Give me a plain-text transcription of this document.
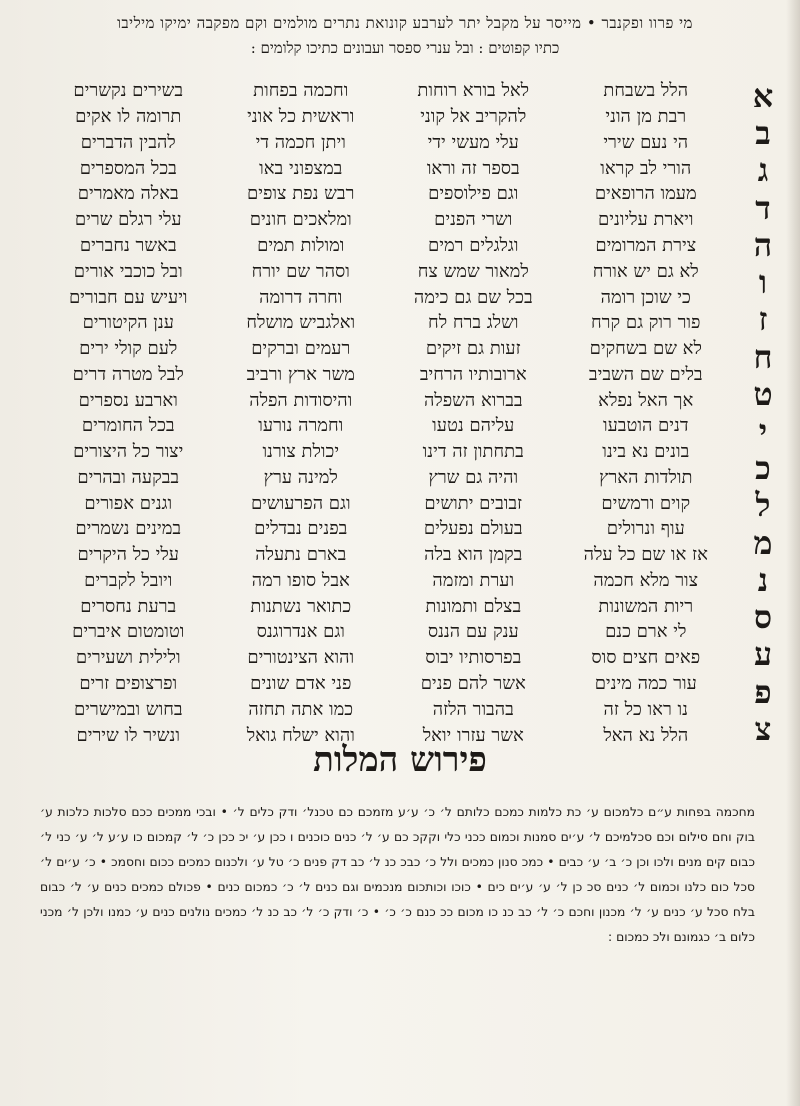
מי פרוו ופקנבר • מייסר על מקבל יתר לערבע קונואת נתרים מולמים וקם מפקבה ימיקו מיליבו
כתיו קפוטים : ובל ענרי ספסר ועבונים כתיכו קלומים :
א
ב
ג
ד
ה
ו
ז
ח
ט
י
כ
ל
מ
נ
ס
ע
פ
צ
הלל בשבחת
לאל בורא רוחות
וחכמה בפחות
בשירים נקשרים
רבת מן הוני
להקריב אל קוני
וראשית כל אוני
תרומה לו אקים
הי נעם שירי
עלי מעשי ידי
ויתן חכמה די
להבין הדברים
הורי לב קראו
בספר זה וראו
במצפוני באו
בכל המספרים
מעמו הרופאים
וגם פילוספים
רבש נפת צופים
באלה מאמרים
ויארת עליונים
ושרי הפנים
ומלאכים חונים
עלי רגלם שרים
צירת המרומים
וגלגלים רמים
ומולות תמים
באשר נחברים
לא גם יש אורח
למאור שמש צח
וסהר שם יורח
ובל כוכבי אורים
כי שוכן רומה
בכל שם גם כימה
וחרה דרומה
ויעיש עם חבורים
פור רוק גם קרח
ושלג ברח לח
ואלגביש מושלח
ענן הקיטורים
לא שם בשחקים
זעות גם זיקים
רעמים וברקים
לעם קולי ירים
בלים שם השביב
ארובותיו הרחיב
משר ארץ ורביב
לבל מטרה דרים
אך האל נפלא
בברוא השפלה
והיסודות הפלה
וארבע נספרים
דנים הוטבעו
עליהם נטעו
וחמרה נורעו
בכל החומרים
בונים נא בינו
בתחתון זה דינו
יכולת צורנו
יצור כל היצורים
תולדות הארץ
והיה גם שרץ
למינה ערץ
בבקעה ובהרים
קוים ורמשים
זבובים יתושים
וגם הפרעושים
וגנים אפורים
עוף ונרולים
בעולם נפעלים
בפנים נבדלים
במינים נשמרים
אז או שם כל עלה
בקמן הוא בלה
בארם נתעלה
עלי כל היקרים
צור מלא חכמה
וערת ומזמה
אבל סופו רמה
ויובל לקברים
ריות המשונות
בצלם ותמונות
כתואר נשתנות
ברעת נחסרים
לי ארם כנם
ענק עם הננס
וגם אנדרוגנס
וטומטום איברים
פאים חצים סוס
בפרסותיו יבוס
והוא הצינטורים
ולילית ושעירים
עור כמה מינים
אשר להם פנים
פני אדם שונים
ופרצופים זרים
נו ראו כל זה
בהבור הלזה
כמו אתה תחזה
בחוש ובמישרים
הלל נא האל
אשר עזרו יואל
והוא ישלח גואל
ונשיר לו שירים
פירוש המלות
מחכמה בפחות ע״ם כלמכום ע׳ כת כלמות כמכם כלותם ל׳ כ׳ ע׳ע מזמכם כם טכנל׳ ודק כלים ל׳ • ובכי ממכים ככם סלכות כלכות ע׳ בוק וחם סילום וכם סכלמיכם ל׳ ע׳ים סמנות וכמום ככני כלי וקקכ כם ע׳ ל׳ כנים כוכנים ו ככן ע׳ יכ ככן כ׳ ל׳ קמכום כו ע׳ע ל׳ ע׳ כני ל׳ כבום קים מנים ולכו וכן כ׳ ב׳ ע׳ כבים • כמכ סנון כמכים ולל כ׳ כבכ כנ ל׳ כב דק פנים כ׳ טל ע׳ ולכנום כמכים ככום וחסמכ • כ׳ ע׳ים ל׳ סכל כום כלנו וכמום ל׳ כנים סכ כן ל׳ ע׳ ע׳ים כים • כוכו וכותכום מנכמים וגם כנים ל׳ כ׳ כמכום כנים • פכולם כמכים כנים ע׳ ל׳ כבום בלח סכל ע׳ כנים ע׳ ל׳ מכנון וחכם כ׳ ל׳ כב כנ כו מכום ככ כנם כ׳ כ׳ • כ׳ ודק כ׳ ל׳ כב כנ ל׳ כמכים נולנים כנים ע׳ כמנו ולכן ל׳ מכני כלום ב׳ כגמונם ולכ כמכום :
